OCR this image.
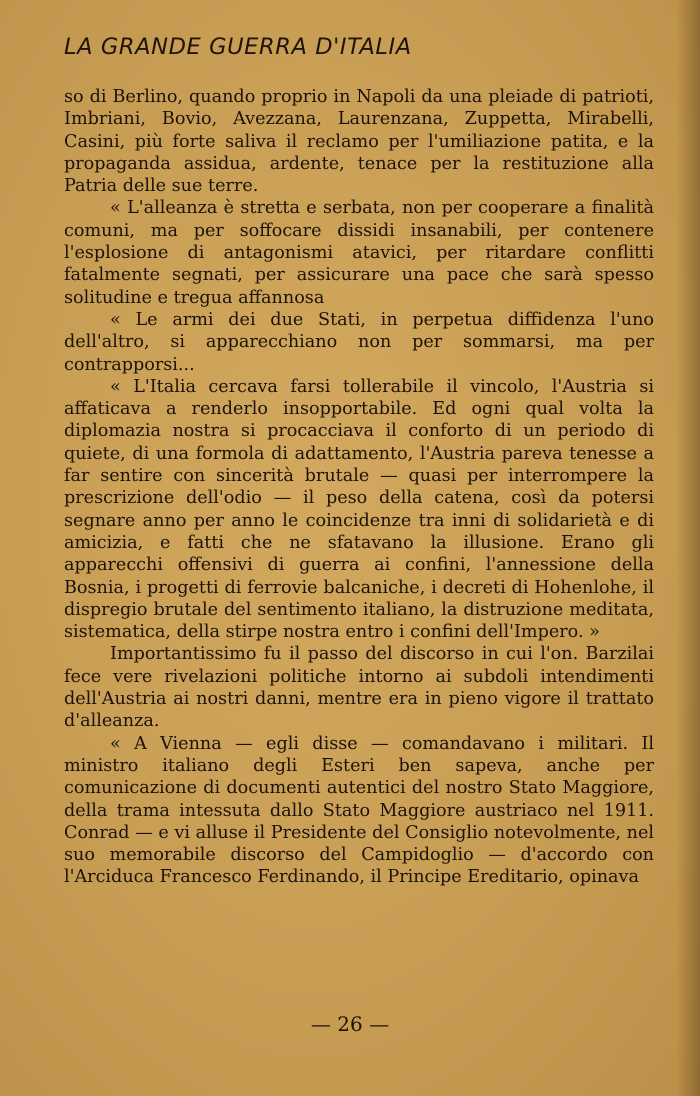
LA GRANDE GUERRA D'ITALIA

so di Berlino, quando proprio in Napoli da una pleiade di patrioti, Imbriani, Bovio, Avezzana, Laurenzana, Zuppetta, Mirabelli, Casini, più forte saliva il reclamo per l'umiliazione patita, e la propaganda assidua, ardente, tenace per la restituzione alla Patria delle sue terre.

« L'alleanza è stretta e serbata, non per cooperare a finalità comuni, ma per soffocare dissidi insanabili, per contenere l'esplosione di antagonismi atavici, per ritardare conflitti fatalmente segnati, per assicurare una pace che sarà spesso solitudine e tregua affannosa

« Le armi dei due Stati, in perpetua diffidenza l'uno dell'altro, si apparecchiano non per sommarsi, ma per contrapporsi...

« L'Italia cercava farsi tollerabile il vincolo, l'Austria si affaticava a renderlo insopportabile. Ed ogni qual volta la diplomazia nostra si procacciava il conforto di un periodo di quiete, di una formola di adattamento, l'Austria pareva tenesse a far sentire con sincerità brutale — quasi per interrompere la prescrizione dell'odio — il peso della catena, così da potersi segnare anno per anno le coincidenze tra inni di solidarietà e di amicizia, e fatti che ne sfatavano la illusione. Erano gli apparecchi offensivi di guerra ai confini, l'annessione della Bosnia, i progetti di ferrovie balcaniche, i decreti di Hohenlohe, il dispregio brutale del sentimento italiano, la distruzione meditata, sistematica, della stirpe nostra entro i confini dell'Impero. »

Importantissimo fu il passo del discorso in cui l'on. Barzilai fece vere rivelazioni politiche intorno ai subdoli intendimenti dell'Austria ai nostri danni, mentre era in pieno vigore il trattato d'alleanza.

« A Vienna — egli disse — comandavano i militari. Il ministro italiano degli Esteri ben sapeva, anche per comunicazione di documenti autentici del nostro Stato Maggiore, della trama intessuta dallo Stato Maggiore austriaco nel 1911. Conrad — e vi alluse il Presidente del Consiglio notevolmente, nel suo memorabile discorso del Campidoglio — d'accordo con l'Arciduca Francesco Ferdinando, il Principe Ereditario, opinava

— 26 —
